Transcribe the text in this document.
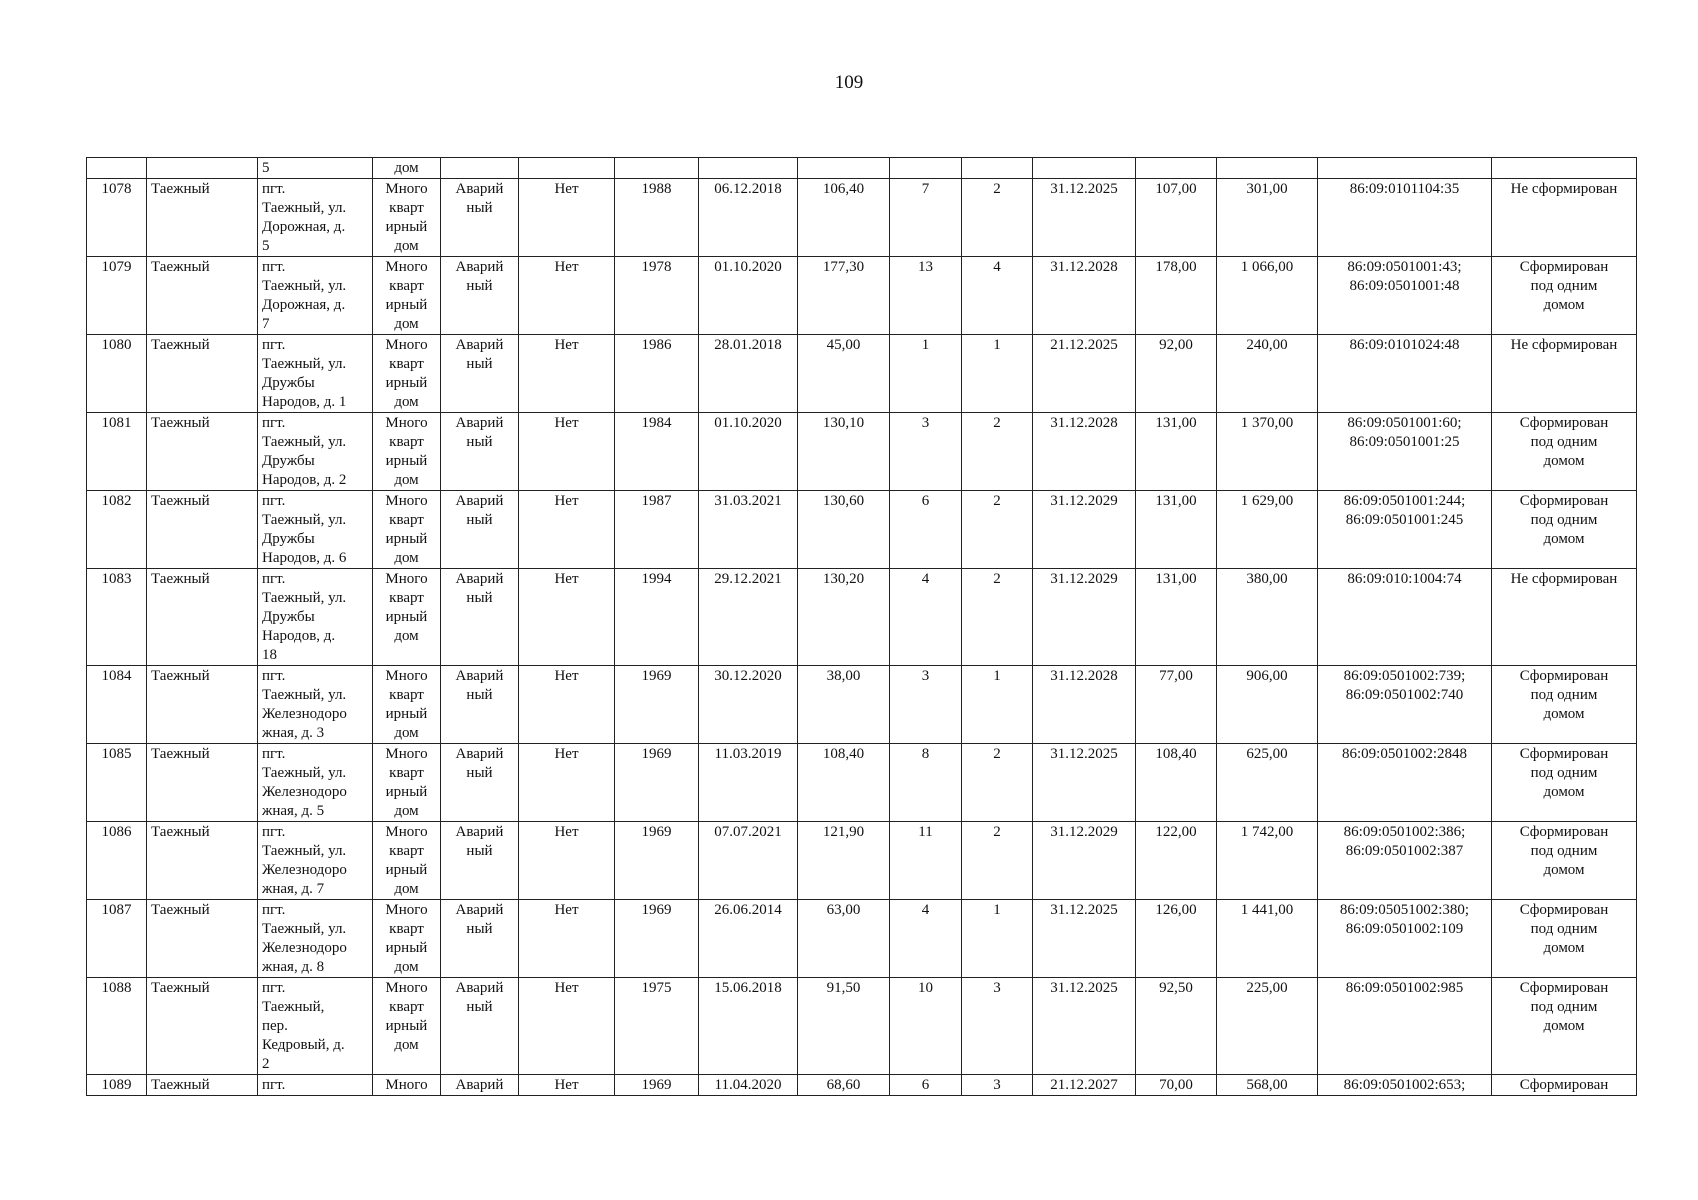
109
		5	дом												
1078	Таежный	пгт.
Таежный, ул.
Дорожная, д.
5	Много
кварт
ирный
дом	Аварий
ный	Нет	1988	06.12.2018	106,40	7	2	31.12.2025	107,00	301,00	86:09:0101104:35	Не сформирован
1079	Таежный	пгт.
Таежный, ул.
Дорожная, д.
7	Много
кварт
ирный
дом	Аварий
ный	Нет	1978	01.10.2020	177,30	13	4	31.12.2028	178,00	1 066,00	86:09:0501001:43;
86:09:0501001:48	Сформирован
под одним
домом
1080	Таежный	пгт.
Таежный, ул.
Дружбы
Народов, д. 1	Много
кварт
ирный
дом	Аварий
ный	Нет	1986	28.01.2018	45,00	1	1	21.12.2025	92,00	240,00	86:09:0101024:48	Не сформирован
1081	Таежный	пгт.
Таежный, ул.
Дружбы
Народов, д. 2	Много
кварт
ирный
дом	Аварий
ный	Нет	1984	01.10.2020	130,10	3	2	31.12.2028	131,00	1 370,00	86:09:0501001:60;
86:09:0501001:25	Сформирован
под одним
домом
1082	Таежный	пгт.
Таежный, ул.
Дружбы
Народов, д. 6	Много
кварт
ирный
дом	Аварий
ный	Нет	1987	31.03.2021	130,60	6	2	31.12.2029	131,00	1 629,00	86:09:0501001:244;
86:09:0501001:245	Сформирован
под одним
домом
1083	Таежный	пгт.
Таежный, ул.
Дружбы
Народов, д.
18	Много
кварт
ирный
дом	Аварий
ный	Нет	1994	29.12.2021	130,20	4	2	31.12.2029	131,00	380,00	86:09:010:1004:74	Не сформирован
1084	Таежный	пгт.
Таежный, ул.
Железнодоро
жная, д. 3	Много
кварт
ирный
дом	Аварий
ный	Нет	1969	30.12.2020	38,00	3	1	31.12.2028	77,00	906,00	86:09:0501002:739;
86:09:0501002:740	Сформирован
под одним
домом
1085	Таежный	пгт.
Таежный, ул.
Железнодоро
жная, д. 5	Много
кварт
ирный
дом	Аварий
ный	Нет	1969	11.03.2019	108,40	8	2	31.12.2025	108,40	625,00	86:09:0501002:2848	Сформирован
под одним
домом
1086	Таежный	пгт.
Таежный, ул.
Железнодоро
жная, д. 7	Много
кварт
ирный
дом	Аварий
ный	Нет	1969	07.07.2021	121,90	11	2	31.12.2029	122,00	1 742,00	86:09:0501002:386;
86:09:0501002:387	Сформирован
под одним
домом
1087	Таежный	пгт.
Таежный, ул.
Железнодоро
жная, д. 8	Много
кварт
ирный
дом	Аварий
ный	Нет	1969	26.06.2014	63,00	4	1	31.12.2025	126,00	1 441,00	86:09:05051002:380;
86:09:0501002:109	Сформирован
под одним
домом
1088	Таежный	пгт.
Таежный,
пер.
Кедровый, д.
2	Много
кварт
ирный
дом	Аварий
ный	Нет	1975	15.06.2018	91,50	10	3	31.12.2025	92,50	225,00	86:09:0501002:985	Сформирован
под одним
домом
1089	Таежный	пгт.	Много	Аварий	Нет	1969	11.04.2020	68,60	6	3	21.12.2027	70,00	568,00	86:09:0501002:653;	Сформирован
